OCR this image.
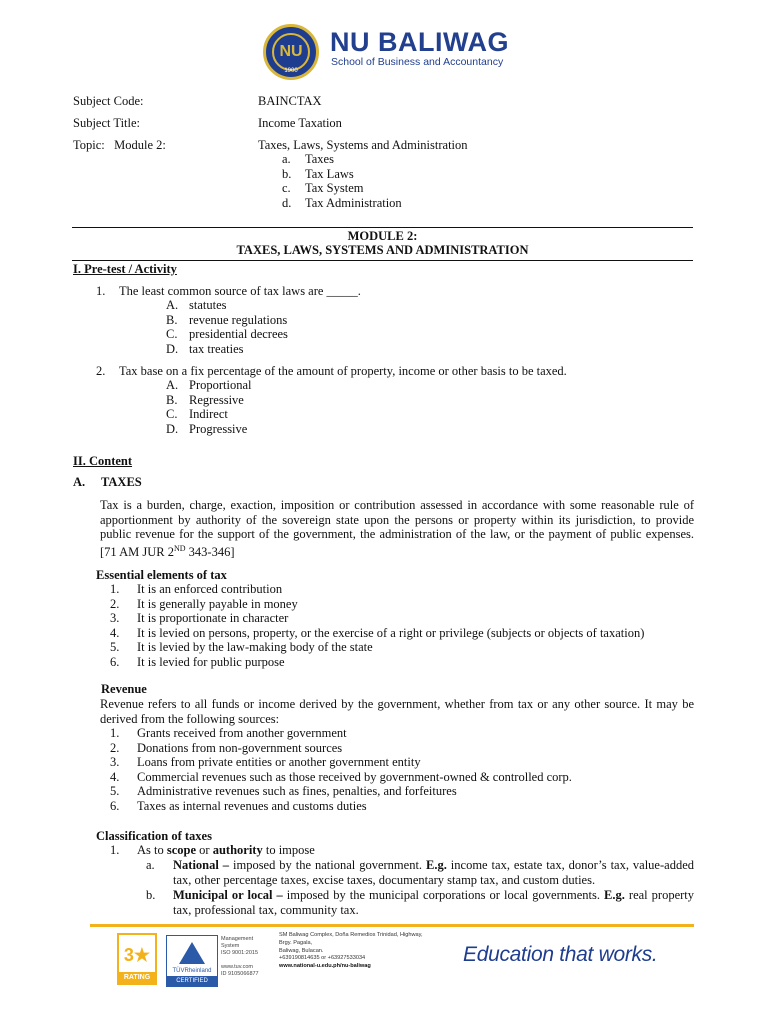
NU
1900
NU BALIWAG
School of Business and Accountancy
Subject Code:	BAINCTAX
Subject Title:	Income Taxation
Topic:   Module 2:	Taxes, Laws, Systems and Administration
a.	Taxes
b.	Tax Laws
c.	Tax System
d.	Tax Administration
MODULE 2:
TAXES, LAWS, SYSTEMS AND ADMINISTRATION
I. Pre-test / Activity
1. The least common source of tax laws are _____.
A. statutes
B. revenue regulations
C. presidential decrees
D. tax treaties
2. Tax base on a fix percentage of the amount of property, income or other basis to be taxed.
A. Proportional
B. Regressive
C. Indirect
D. Progressive
II. Content
A. TAXES
Tax is a burden, charge, exaction, imposition or contribution assessed in accordance with some reasonable rule of apportionment by authority of the sovereign state upon the persons or property within its jurisdiction, to provide public revenue for the support of the government, the administration of the law, or the payment of public expenses. [71 AM JUR 2ND 343-346]
Essential elements of tax
1.	It is an enforced contribution
2.	It is generally payable in money
3.	It is proportionate in character
4.	It is levied on persons, property, or the exercise of a right or privilege (subjects or objects of taxation)
5.	It is levied by the law-making body of the state
6.	It is levied for public purpose
Revenue
Revenue refers to all funds or income derived by the government, whether from tax or any other source. It may be derived from the following sources:
1.	Grants received from another government
2.	Donations from non-government sources
3.	Loans from private entities or another government entity
4.	Commercial revenues such as those received by government-owned & controlled corp.
5.	Administrative revenues such as fines, penalties, and forfeitures
6.	Taxes as internal revenues and customs duties
Classification of taxes
1. As to scope or authority to impose
a. National – imposed by the national government. E.g. income tax, estate tax, donor’s tax, value-added tax, other percentage taxes, excise taxes, documentary stamp tax, and custom duties.
b. Municipal or local – imposed by the municipal corporations or local governments. E.g. real property tax, professional tax, community tax.
3★
RATING
TÜVRheinland
CERTIFIED
Management
System
ISO 9001:2015

www.tuv.com
ID 9105066877
SM Baliwag Complex, Doña Remedios Trinidad, Highway,
Brgy. Pagala,
Baliwag, Bulacan.
+639190814635 or +63927533034
www.national-u.edu.ph/nu-baliwag
Education that works.
